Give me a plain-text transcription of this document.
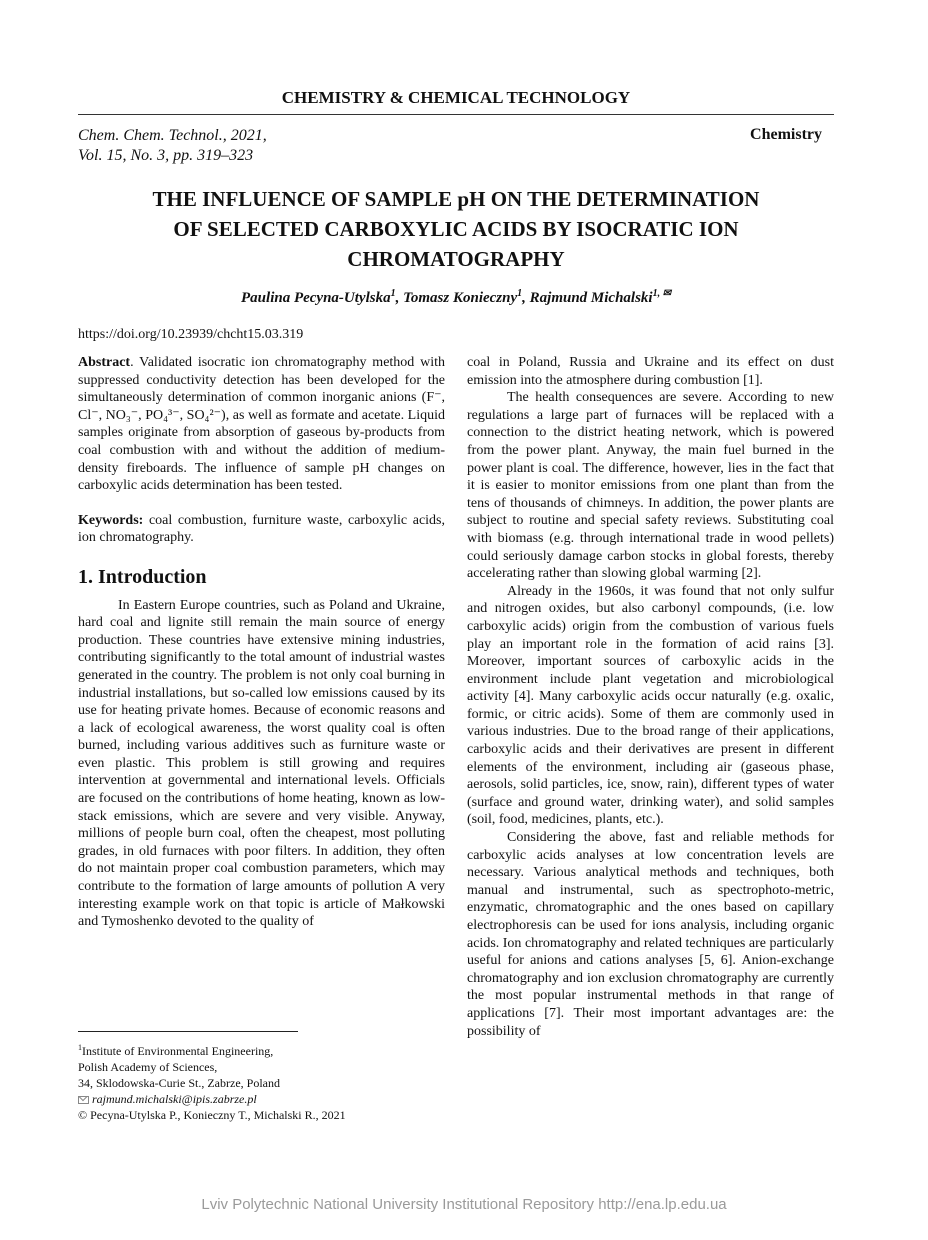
CHEMISTRY & CHEMICAL TECHNOLOGY
Chem. Chem. Technol., 2021,
Vol. 15, No. 3, pp. 319–323
Chemistry
THE INFLUENCE OF SAMPLE pH ON THE DETERMINATION
OF SELECTED CARBOXYLIC ACIDS BY ISOCRATIC ION
CHROMATOGRAPHY
Paulina Pecyna-Utylska$^1$, Tomasz Konieczny$^1$, Rajmund Michalski$^{1, ✉}$
https://doi.org/10.23939/chcht15.03.319

Abstract. Validated isocratic ion chromatography method with suppressed conductivity detection has been developed for the simultaneously determination of common inorganic anions (F⁻, Cl⁻, NO₃⁻, PO₄³⁻, SO₄²⁻), as well as formate and acetate. Liquid samples originate from absorption of gaseous by-products from coal combustion with and without the addition of medium-density fireboards. The influence of sample pH changes on carboxylic acids determination has been tested.

Keywords: coal combustion, furniture waste, carboxylic acids, ion chromatography.

1. Introduction

In Eastern Europe countries, such as Poland and Ukraine, hard coal and lignite still remain the main source of energy production. These countries have extensive mining industries, contributing significantly to the total amount of industrial wastes generated in the country. The problem is not only coal burning in industrial installations, but so-called low emissions caused by its use for heating private homes. Because of economic reasons and a lack of ecological awareness, the worst quality coal is often burned, including various additives such as furniture waste or even plastic. This problem is still growing and requires intervention at governmental and international levels. Officials are focused on the contributions of home heating, known as low-stack emissions, which are severe and very visible. Anyway, millions of people burn coal, often the cheapest, most polluting grades, in old furnaces with poor filters. In addition, they often do not maintain proper coal combustion parameters, which may contribute to the formation of large amounts of pollution A very interesting example work on that topic is article of Małkowski and Tymoshenko devoted to the quality of

coal in Poland, Russia and Ukraine and its effect on dust emission into the atmosphere during combustion [1].

The health consequences are severe. According to new regulations a large part of furnaces will be replaced with a connection to the district heating network, which is powered from the power plant. Anyway, the main fuel burned in the power plant is coal. The difference, however, lies in the fact that it is easier to monitor emissions from one plant than from the tens of thousands of chimneys. In addition, the power plants are subject to routine and special safety reviews. Substituting coal with biomass (e.g. through international trade in wood pellets) could seriously damage carbon stocks in global forests, thereby accelerating rather than slowing global warming [2].

Already in the 1960s, it was found that not only sulfur and nitrogen oxides, but also carbonyl compounds, (i.e. low carboxylic acids) origin from the combustion of various fuels play an important role in the formation of acid rains [3]. Moreover, important sources of carboxylic acids in the environment include plant vegetation and microbiological activity [4]. Many carboxylic acids occur naturally (e.g. oxalic, formic, or citric acids). Some of them are commonly used in various industries. Due to the broad range of their applications, carboxylic acids and their derivatives are present in different elements of the environment, including air (gaseous phase, aerosols, solid particles, ice, snow, rain), different types of water (surface and ground water, drinking water), and solid samples (soil, food, medicines, plants, etc.).

Considering the above, fast and reliable methods for carboxylic acids analyses at low concentration levels are necessary. Various analytical methods and techniques, both manual and instrumental, such as spectrophoto-metric, enzymatic, chromatographic and the ones based on capillary electrophoresis can be used for ions analysis, including organic acids. Ion chromatography and related techniques are particularly useful for anions and cations analyses [5, 6]. Anion-exchange chromatography and ion exclusion chromatography are currently the most popular instrumental methods in that range of applications [7]. Their most important advantages are: the possibility of

$^1$Institute of Environmental Engineering,
Polish Academy of Sciences,
34, Sklodowska-Curie St., Zabrze, Poland
rajmund.michalski@ipis.zabrze.pl
© Pecyna-Utylska P., Konieczny T., Michalski R., 2021
Lviv Polytechnic National University Institutional Repository http://ena.lp.edu.ua
